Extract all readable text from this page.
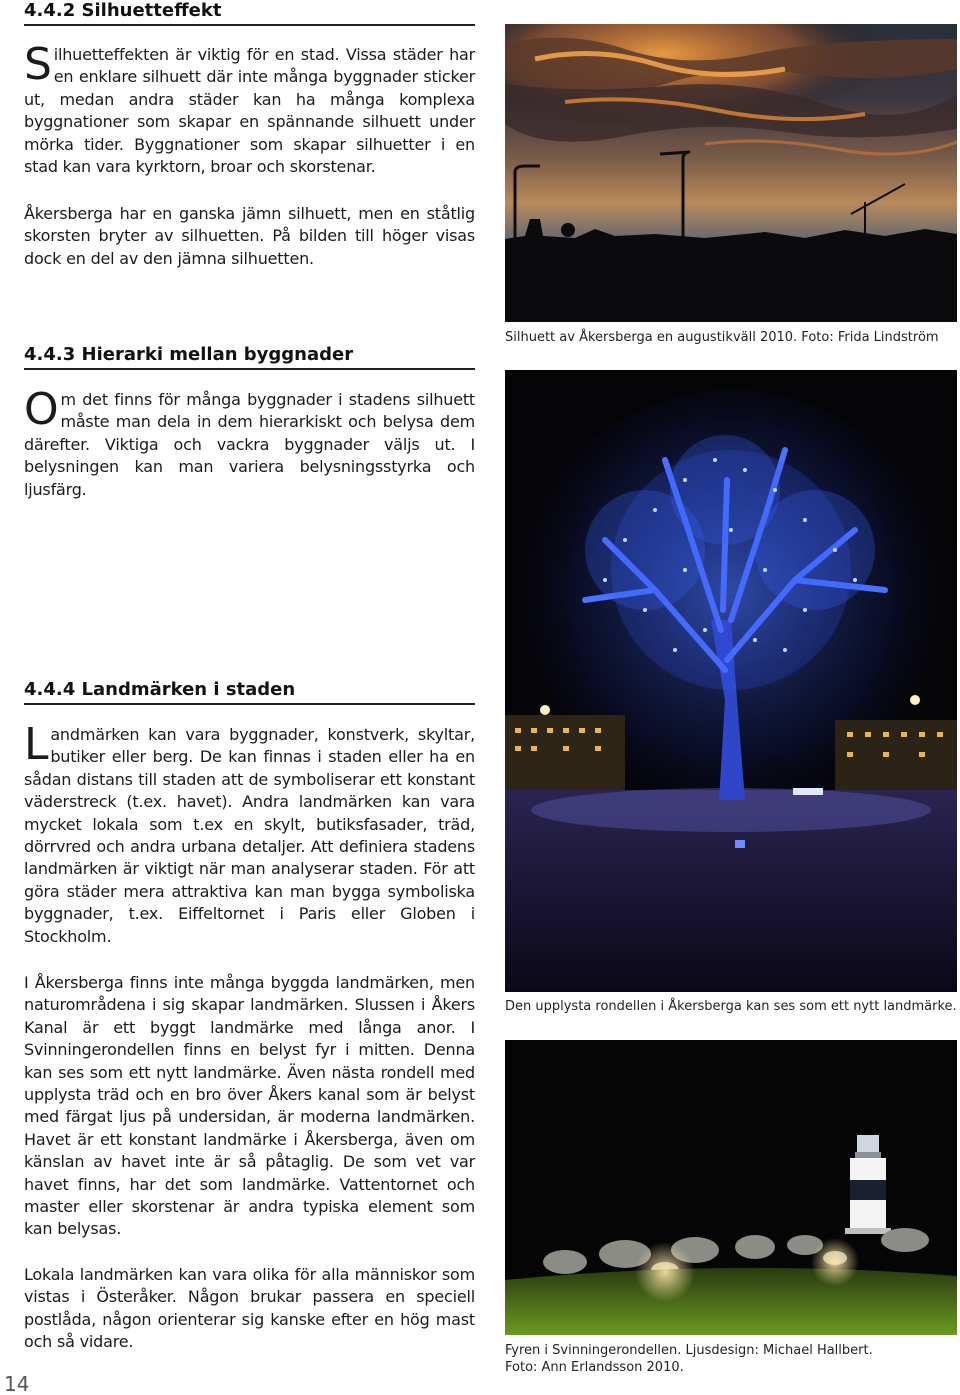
4.4.2 Silhuetteffekt

Silhuetteffekten är viktig för en stad. Vissa städer har en enklare silhuett där inte många byggnader sticker ut, medan andra städer kan ha många komplexa byggnationer som skapar en spännande silhuett under mörka tider. Byggnationer som skapar silhuetter i en stad kan vara kyrktorn, broar och skorstenar.

Åkersberga har en ganska jämn silhuett, men en ståtlig skorsten bryter av silhuetten. På bilden till höger visas dock en del av den jämna silhuetten.

Silhuett av Åkersberga en augustikväll 2010. Foto: Frida Lindström

4.4.3 Hierarki mellan byggnader

Om det finns för många byggnader i stadens silhuett måste man dela in dem hierarkiskt och belysa dem därefter. Viktiga och vackra byggnader väljs ut. I belysningen kan man variera belysningsstyrka och ljusfärg.

4.4.4 Landmärken i staden

Landmärken kan vara byggnader, konstverk, skyltar, butiker eller berg. De kan finnas i staden eller ha en sådan distans till staden att de symboliserar ett konstant väderstreck (t.ex. havet). Andra landmärken kan vara mycket lokala som t.ex en skylt, butiksfasader, träd, dörrvred och andra urbana detaljer. Att definiera stadens landmärken är viktigt när man analyserar staden. För att göra städer mera attraktiva kan man bygga symboliska byggnader, t.ex. Eiffeltornet i Paris eller Globen i Stockholm.

I Åkersberga finns inte många byggda landmärken, men naturområdena i sig skapar landmärken. Slussen i Åkers Kanal är ett byggt landmärke med långa anor. I Svinningerondellen finns en belyst fyr i mitten. Denna kan ses som ett nytt landmärke. Även nästa rondell med upplysta träd och en bro över Åkers kanal som är belyst med färgat ljus på undersidan, är moderna landmärken. Havet är ett konstant landmärke i Åkersberga, även om känslan av havet inte är så påtaglig. De som vet var havet finns, har det som landmärke. Vattentornet och master eller skorstenar är andra typiska element som kan belysas.

Lokala landmärken kan vara olika för alla människor som vistas i Österåker. Någon brukar passera en speciell postlåda, någon orienterar sig kanske efter en hög mast och så vidare.

Den upplysta rondellen i Åkersberga kan ses som ett nytt landmärke.

Fyren i Svinningerondellen. Ljusdesign: Michael Hallbert.
Foto: Ann Erlandsson 2010.

14
